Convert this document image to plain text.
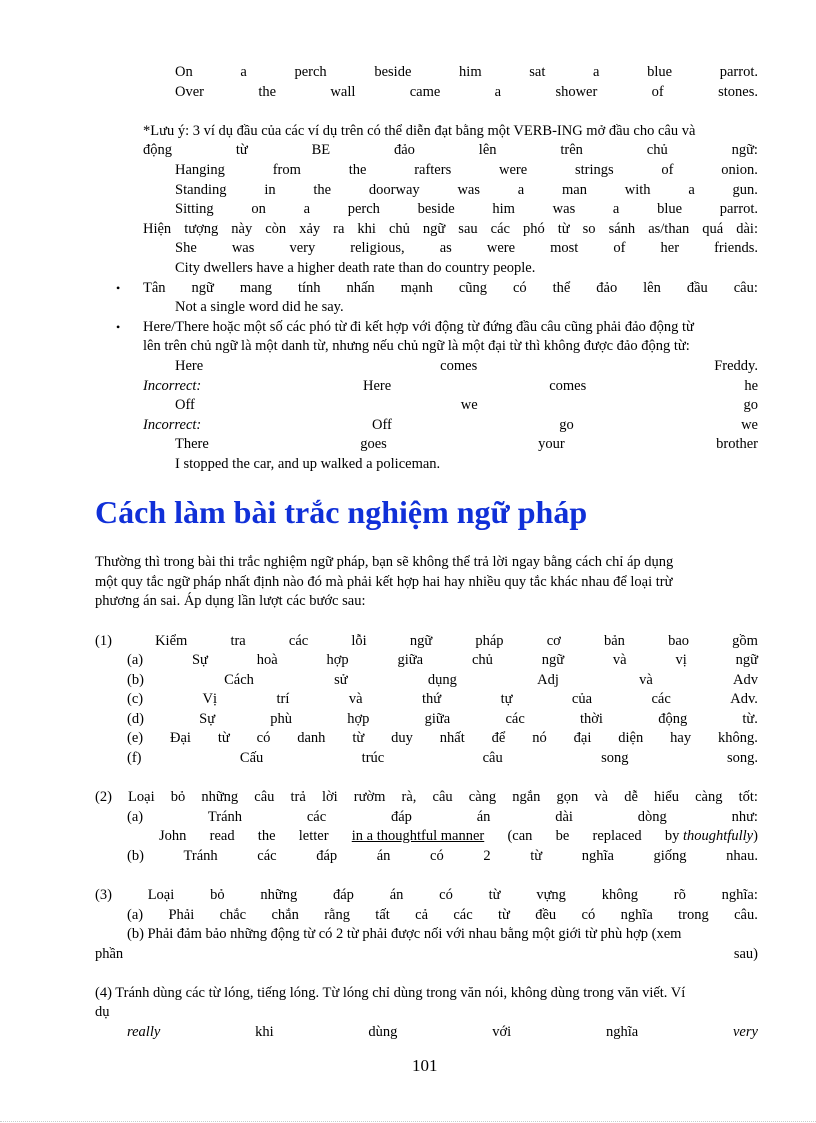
On	a	perch	beside	him	sat	a	blue	parrot.
Over	the	wall	came	a	shower	of	stones.
*Lưu ý: 3 ví dụ đầu của các ví dụ trên có thể diễn đạt bằng một VERB-ING mở đầu cho câu và
động	từ	BE	đảo	lên	trên	chủ	ngữ:
Hanging	from	the	rafters	were	strings	of	onion.
Standing	in	the	doorway	was	a	man	with	a	gun.
Sitting	on	a	perch	beside	him	was	a	blue	parrot.
Hiện tượng này còn xảy ra khi chủ ngữ sau các phó từ so sánh as/than quá dài:
She was very religious, as were most of her friends.
City dwellers have a higher death rate than do country people.
• Tân ngữ mang tính nhấn mạnh cũng có thể đảo lên đầu câu:
Not a single word did he say.
• Here/There hoặc một số các phó từ đi kết hợp với động từ đứng đầu câu cũng phải đảo động từ
lên trên chủ ngữ là một danh từ, nhưng nếu chủ ngữ là một đại từ thì không được đảo động từ:
Here	comes	Freddy.
Incorrect:	Here	comes	he
Off	we	go
Incorrect:	Off	go	we
There	goes	your	brother
I stopped the car, and up walked a policeman.
Cách làm bài trắc nghiệm ngữ pháp
Thường thì trong bài thi trắc nghiệm ngữ pháp, bạn sẽ không thể trả lời ngay bằng cách chỉ áp dụng
một quy tắc ngữ pháp nhất định nào đó mà phải kết hợp hai hay nhiều quy tắc khác nhau để loại trừ
phương án sai. Áp dụng lần lượt các bước sau:
(1)	Kiểm	tra	các	lỗi	ngữ	pháp	cơ	bản	bao	gồm
(a)	Sự	hoà	hợp	giữa	chủ	ngữ	và	vị	ngữ
(b)	Cách	sử	dụng	Adj	và	Adv
(c)	Vị	trí	và	thứ	tự	của	các	Adv.
(d)	Sự	phù	hợp	giữa	các	thời	động	từ.
(e) Đại từ có danh từ duy nhất để nó đại diện hay không.
(f)	Cấu	trúc	câu	song	song.
(2) Loại bỏ những câu trả lời rườm rà, câu càng ngắn gọn và dễ hiểu càng tốt:
(a)	Tránh	các	đáp	án	dài	dòng	như:
John read the letter in a thoughtful manner (can be replaced by thoughtfully)
(b)	Tránh	các	đáp	án	có	2	từ	nghĩa	giống	nhau.
(3) Loại bỏ những đáp án có từ vựng không rõ nghĩa:
(a) Phải chắc chắn rằng tất cả các từ đều có nghĩa trong câu.
(b) Phải đảm bảo những động từ có 2 từ phải được nối với nhau bằng một giới từ phù hợp (xem
phần	sau)
(4) Tránh dùng các từ lóng, tiếng lóng. Từ lóng chỉ dùng trong văn nói, không dùng trong văn viết. Ví
dụ
really	khi	dùng	với	nghĩa	very
101
